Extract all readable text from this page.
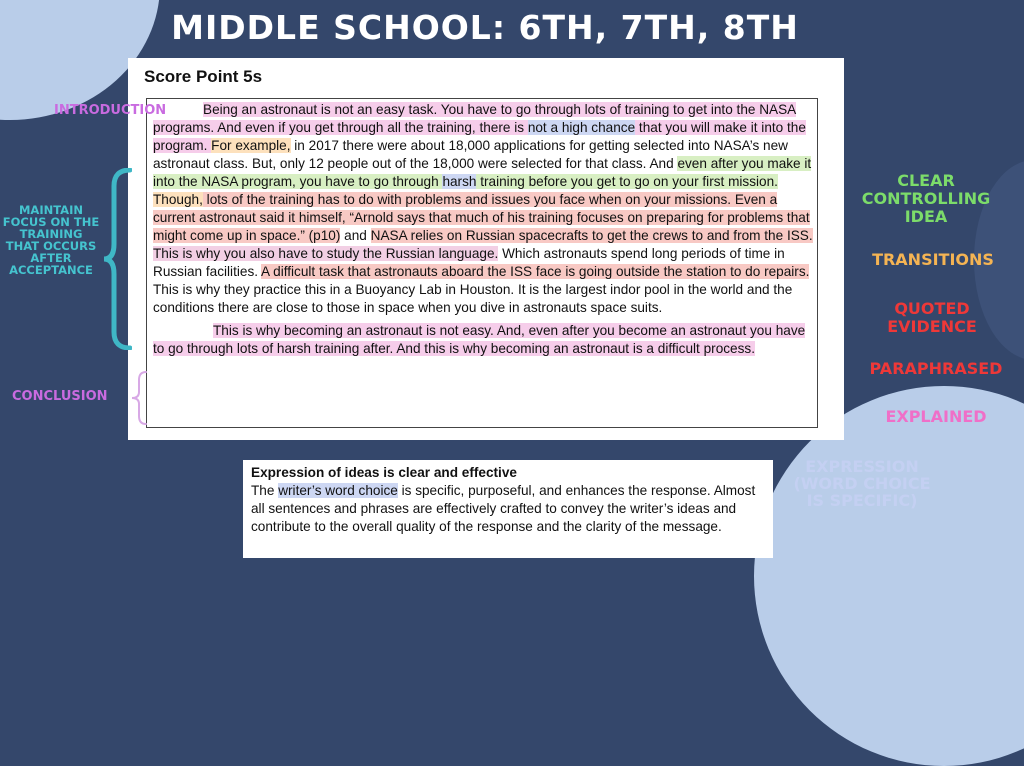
MIDDLE SCHOOL: 6TH, 7TH, 8TH
Score Point 5s

Being an astronaut is not an easy task. You have to go through lots of training to get into the NASA programs. And even if you get through all the training, there is not a high chance that you will make it into the program. For example, in 2017 there were about 18,000 applications for getting selected into NASA’s new astronaut class. But, only 12 people out of the 18,000 were selected for that class. And even after you make it into the NASA program, you have to go through harsh training before you get to go on your first mission. Though, lots of the training has to do with problems and issues you face when on your missions. Even a current astronaut said it himself, “Arnold says that much of his training focuses on preparing for problems that might come up in space.” (p10) and NASA relies on Russian spacecrafts to get the crews to and from the ISS. This is why you also have to study the Russian language. Which astronauts spend long periods of time in Russian facilities. A difficult task that astronauts aboard the ISS face is going outside the station to do repairs. This is why they practice this in a Buoyancy Lab in Houston. It is the largest indor pool in the world and the conditions there are close to those in space when you dive in astronauts space suits.

This is why becoming an astronaut is not easy. And, even after you become an astronaut you have to go through lots of harsh training after. And this is why becoming an astronaut is a difficult process.

INTRODUCTION
MAINTAIN FOCUS ON THE TRAINING THAT OCCURS AFTER ACCEPTANCE
CONCLUSION
CLEAR CONTROLLING IDEA
TRANSITIONS
QUOTED EVIDENCE
PARAPHRASED
EXPLAINED
EXPRESSION (WORD CHOICE IS SPECIFIC)
Expression of ideas is clear and effective
The writer’s word choice is specific, purposeful, and enhances the response. Almost all sentences and phrases are effectively crafted to convey the writer’s ideas and contribute to the overall quality of the response and the clarity of the message.
